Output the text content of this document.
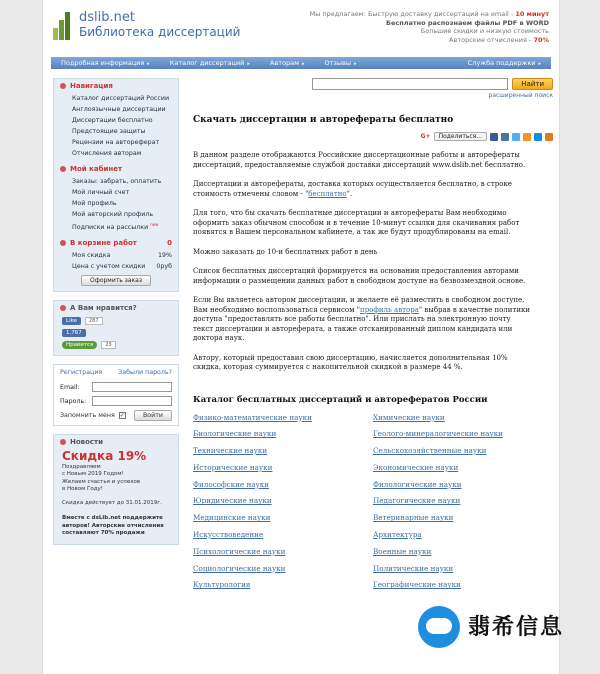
dslib.net
Библиотека диссертаций
Мы предлагаем: Быструю доставку диссертаций на email - 10 минут
Бесплатно распознаем файлы PDF в WORD
Большие скидки и низкую стоимость
Авторские отчисления - 70%
Подробная информация ▸	Каталог диссертаций ▸	Авторам ▸	Отзывы ▸	Служба поддержки ▸
Навигация
Каталог диссертаций России
Англоязычные диссертации
Диссертации бесплатно
Предстоящие защиты
Рецензии на автореферат
Отчисления авторам
Мой кабинет
Заказы: забрать, оплатить
Мой личный счет
Мой профиль
Мой авторский профиль
Подписки на рассылки $^{new}$
В корзине работ	0
Моя скидка	19%
Цена с учетом скидки 0руб
Оформить заказ
А Вам нравится?
Like	287
1,767
Нравится	23
Регистрация	Забыли пароль?
Email:
Пароль:
Запомнить меня ✓	Войти
Новости
Скидка 19%
Поздравляем
с Новым 2019 Годом!
Желаем счастья и успехов
в Новом Году!
Скидка действует до 31.01.2019г.
Вместе с dsLib.net поддержите авторов! Авторские отчисления составляют 70% продажи
Найти
расширенный поиск
Скачать диссертации и авторефераты бесплатно
G+	Поделиться...

В данном разделе отображаются Российские диссертационные работы и авторефераты диссертаций, предоставляемые службой доставки диссертаций www.dslib.net бесплатно.

Диссертации и авторефераты, доставка которых осуществляется бесплатно, в строке стоимость отмечены словом - "бесплатно".

Для того, что бы скачать бесплатные диссертации и авторефераты Вам необходимо оформить заказ обычном способом и в течение 10-минут ссылки для скачивания работ появятся в Вашем персональном кабинете, а так же будут продублированы на email.

Можно заказать до 10-и бесплатных работ в день

Список бесплатных диссертаций формируется на основании предоставления авторами информации о размещении данных работ в свободном доступе на безвозмездной основе.

Если Вы являетесь автором диссертации, и желаете её разместить в свободном доступе, Вам необходимо воспользоваться сервисом "профиль автора" выбрав в качестве политики доступа "предоставлять все работы бесплатно". Или прислать на электронную почту текст диссертации и автореферата, а также отсканированный диплом кандидата или доктора наук.

Автору, который предоставил свою диссертацию, начисляется дополнительная 10% скидка, которая суммируется с накопительной скидкой в размере 44 %.

Каталог бесплатных диссертаций и авторефератов России
Физико-математические науки	Химические науки
Биологические науки	Геолого-минералогические науки
Технические науки	Сельскохозяйственные науки
Исторические науки	Экономические науки
Философские науки	Филологические науки
Юридические науки	Педагогические науки
Медицинские науки	Ветеринарные науки
Искусствоведение	Архитектура
Психологические науки	Военные науки
Социологические науки	Политические науки
Культурология	Географические науки
翡希信息
